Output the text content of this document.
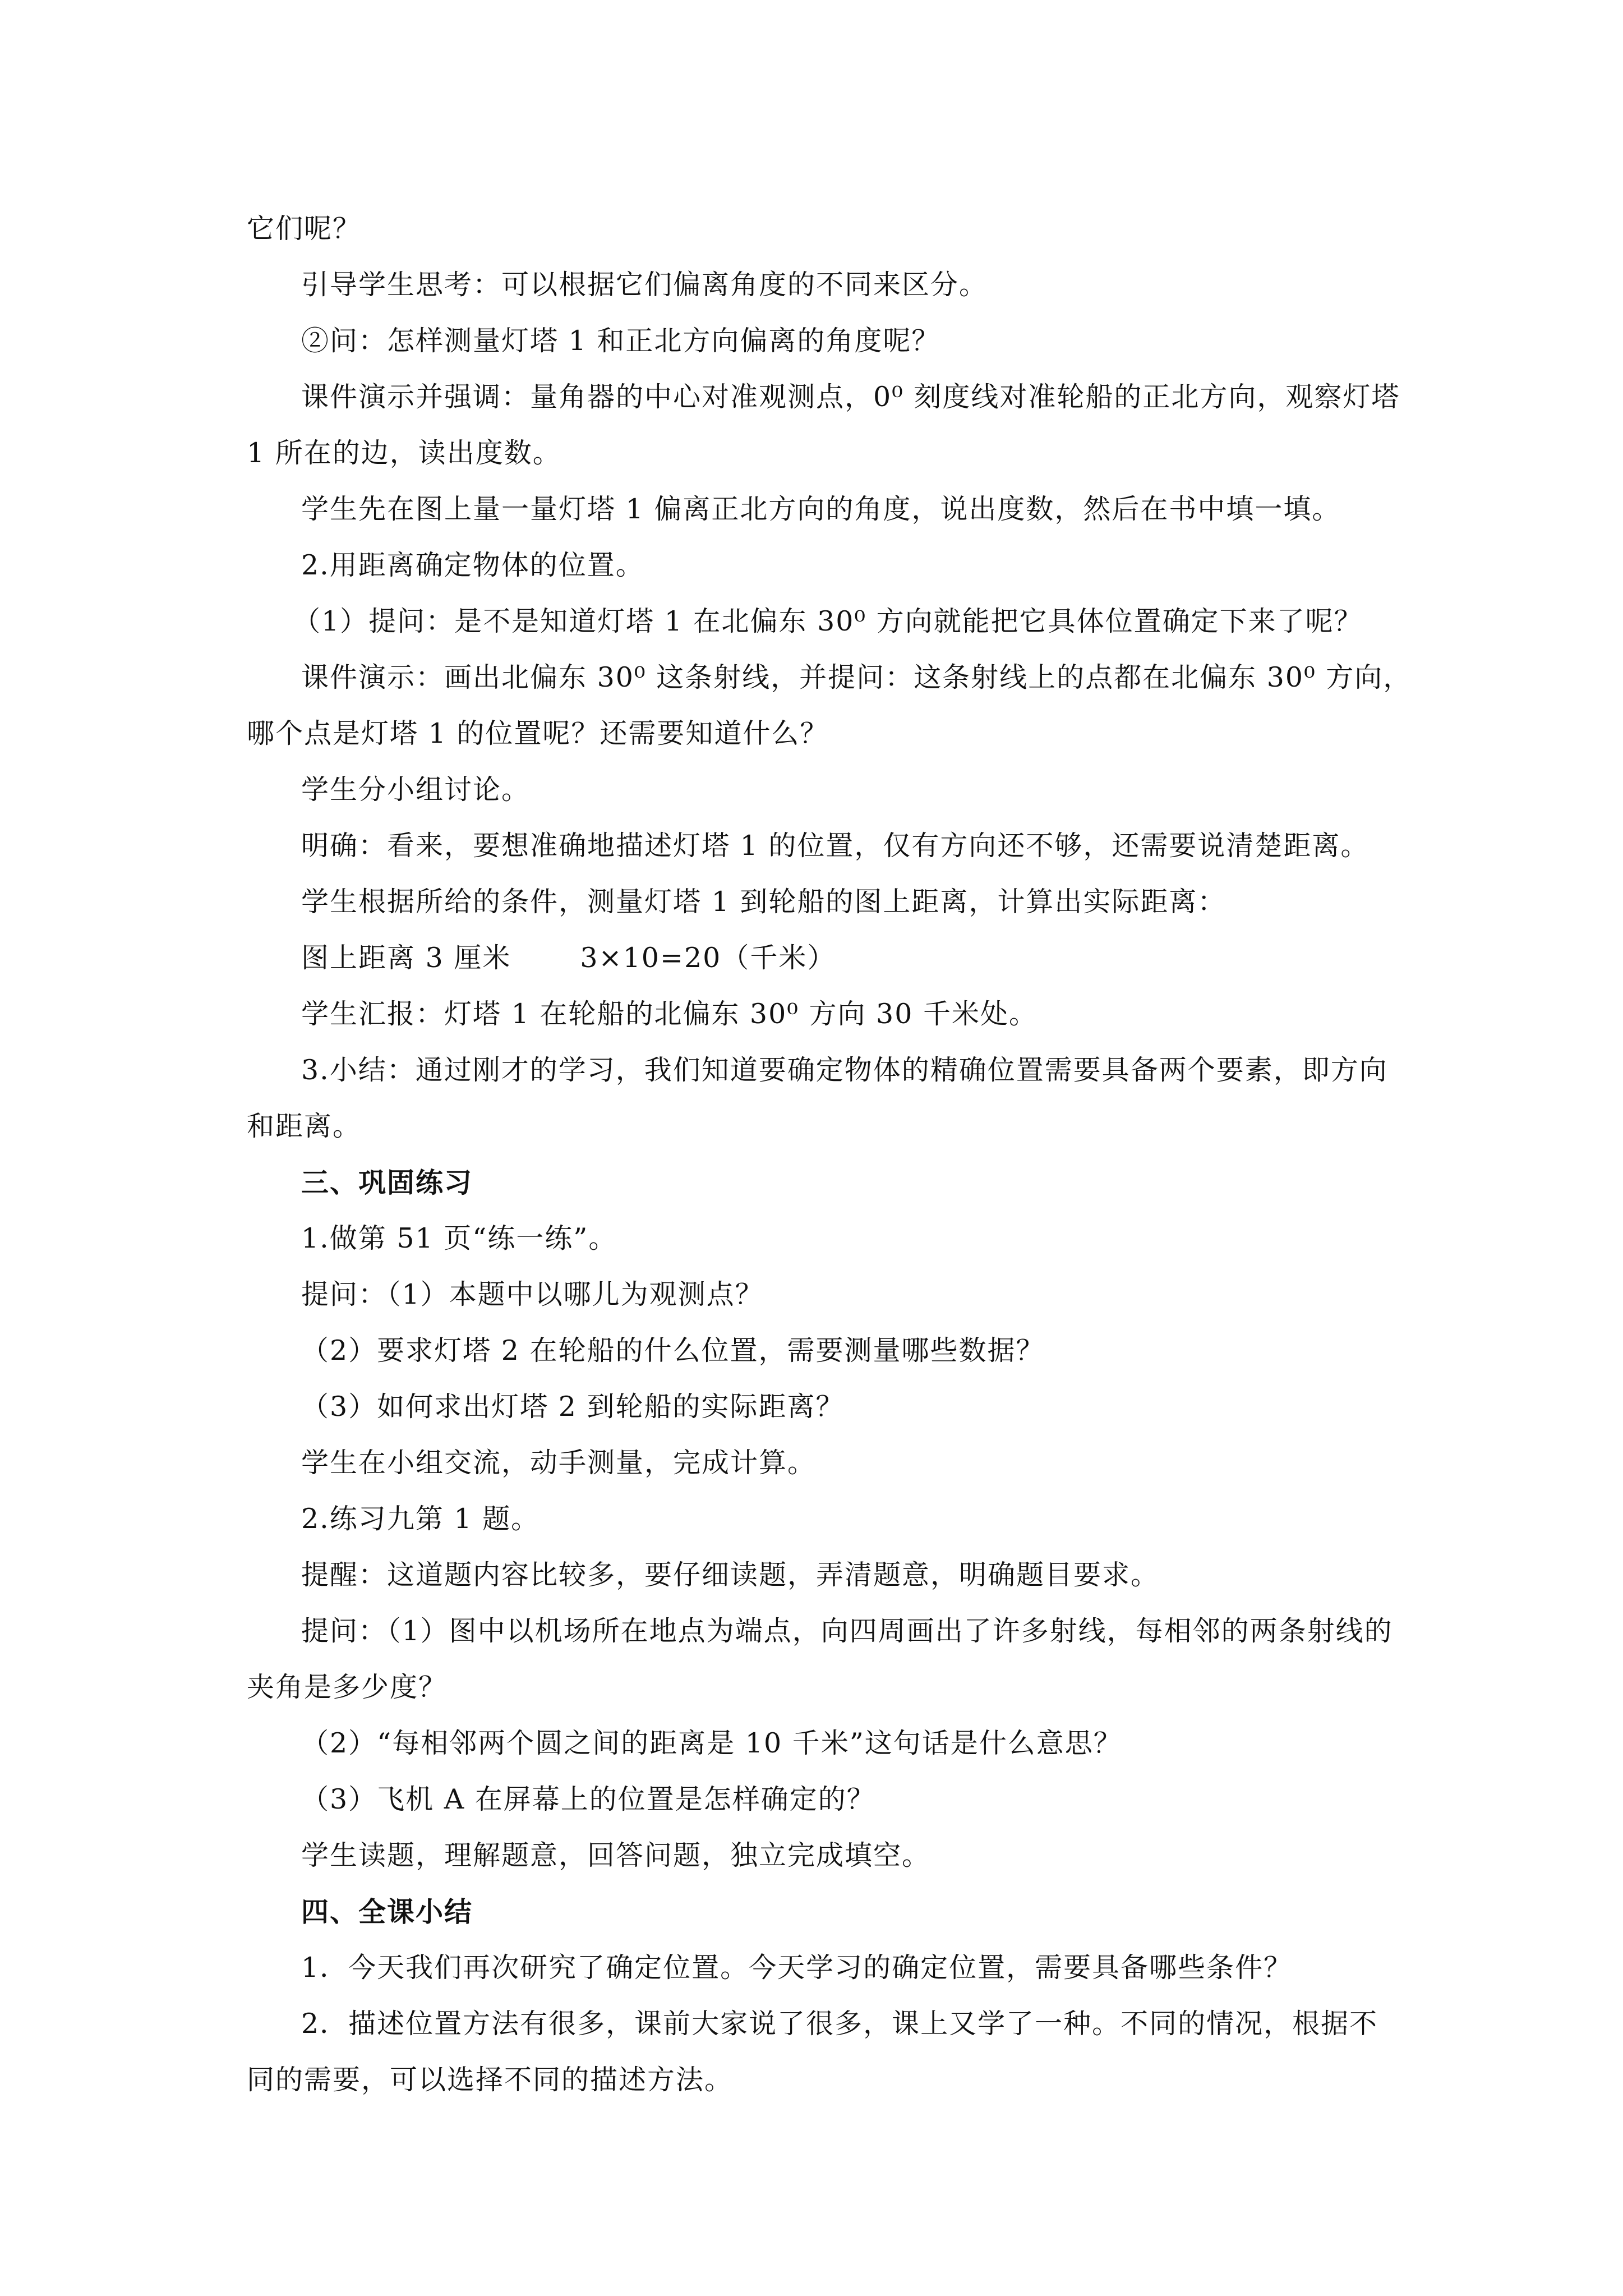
它们呢？
引导学生思考：可以根据它们偏离角度的不同来区分。
②问：怎样测量灯塔 1 和正北方向偏离的角度呢？
课件演示并强调：量角器的中心对准观测点，0⁰ 刻度线对准轮船的正北方向，观察灯塔
1 所在的边，读出度数。
学生先在图上量一量灯塔 1 偏离正北方向的角度，说出度数，然后在书中填一填。
2.用距离确定物体的位置。
（1）提问：是不是知道灯塔 1 在北偏东 30⁰ 方向就能把它具体位置确定下来了呢？
课件演示：画出北偏东 30⁰ 这条射线，并提问：这条射线上的点都在北偏东 30⁰ 方向，
哪个点是灯塔 1 的位置呢？还需要知道什么？
学生分小组讨论。
明确：看来，要想准确地描述灯塔 1 的位置，仅有方向还不够，还需要说清楚距离。
学生根据所给的条件，测量灯塔 1 到轮船的图上距离，计算出实际距离：
图上距离 3 厘米       3×10=20（千米）
学生汇报：灯塔 1 在轮船的北偏东 30⁰ 方向 30 千米处。
3.小结：通过刚才的学习，我们知道要确定物体的精确位置需要具备两个要素，即方向
和距离。
三、巩固练习
1.做第 51 页“练一练”。
提问：（1）本题中以哪儿为观测点？
（2）要求灯塔 2 在轮船的什么位置，需要测量哪些数据？
（3）如何求出灯塔 2 到轮船的实际距离？
学生在小组交流，动手测量，完成计算。
2.练习九第 1 题。
提醒：这道题内容比较多，要仔细读题，弄清题意，明确题目要求。
提问：（1）图中以机场所在地点为端点，向四周画出了许多射线，每相邻的两条射线的
夹角是多少度？
（2）“每相邻两个圆之间的距离是 10 千米”这句话是什么意思？
（3）飞机 A 在屏幕上的位置是怎样确定的？
学生读题，理解题意，回答问题，独立完成填空。
四、全课小结
1．今天我们再次研究了确定位置。今天学习的确定位置，需要具备哪些条件？
2．描述位置方法有很多，课前大家说了很多，课上又学了一种。不同的情况，根据不
同的需要，可以选择不同的描述方法。
